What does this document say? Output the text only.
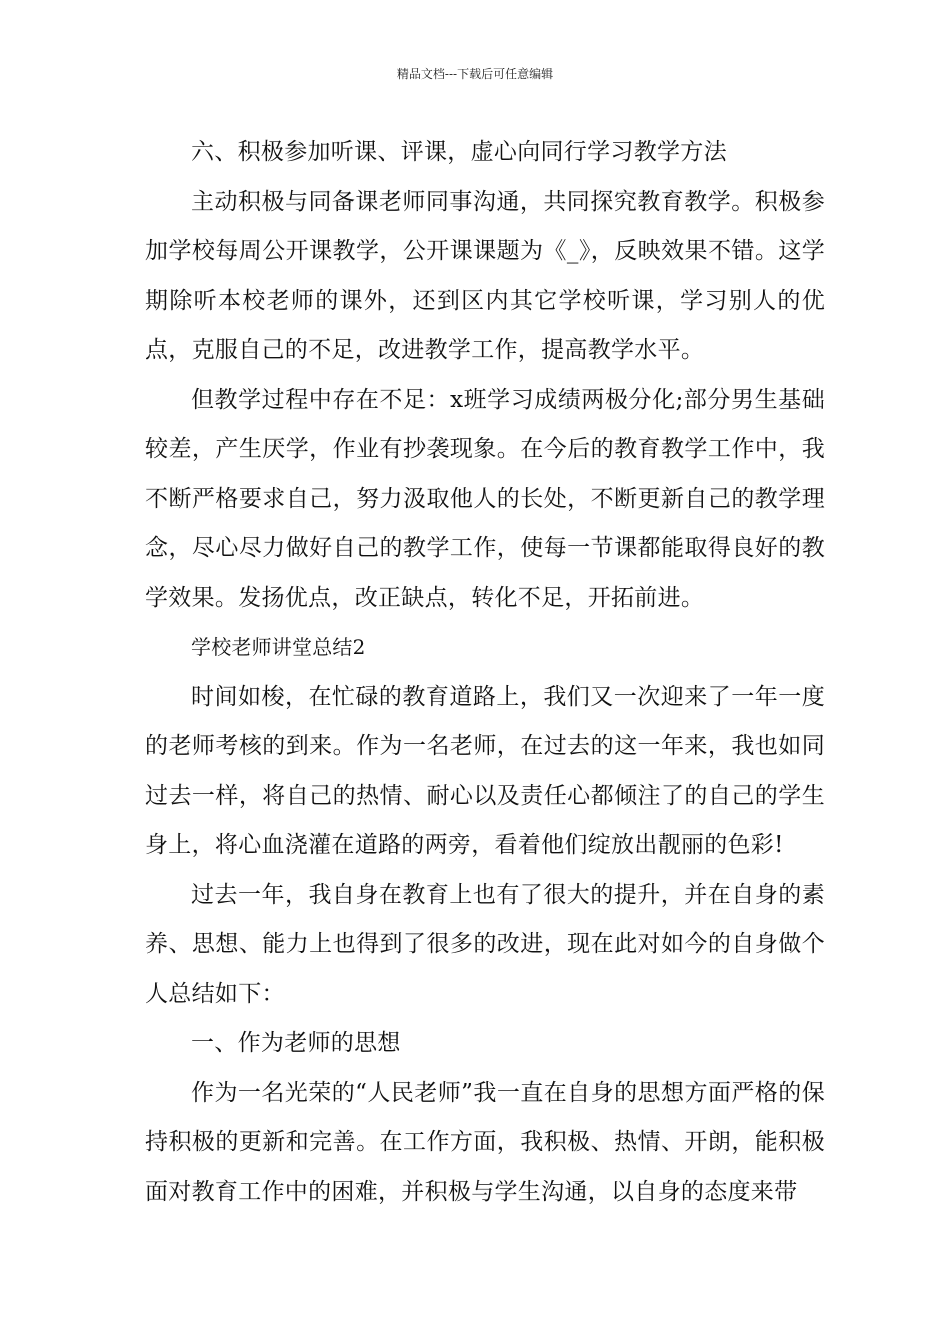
精品文档---下载后可任意编辑

六、积极参加听课、评课，虚心向同行学习教学方法

主动积极与同备课老师同事沟通，共同探究教育教学。积极参加学校每周公开课教学，公开课课题为《_》，反映效果不错。这学期除听本校老师的课外，还到区内其它学校听课，学习别人的优点，克服自己的不足，改进教学工作，提高教学水平。

但教学过程中存在不足：x班学习成绩两极分化;部分男生基础较差，产生厌学，作业有抄袭现象。在今后的教育教学工作中，我不断严格要求自己，努力汲取他人的长处，不断更新自己的教学理念，尽心尽力做好自己的教学工作，使每一节课都能取得良好的教学效果。发扬优点，改正缺点，转化不足，开拓前进。

学校老师讲堂总结2

时间如梭，在忙碌的教育道路上，我们又一次迎来了一年一度的老师考核的到来。作为一名老师，在过去的这一年来，我也如同过去一样，将自己的热情、耐心以及责任心都倾注了的自己的学生身上，将心血浇灌在道路的两旁，看着他们绽放出靓丽的色彩!

过去一年，我自身在教育上也有了很大的提升，并在自身的素养、思想、能力上也得到了很多的改进，现在此对如今的自身做个人总结如下：

一、作为老师的思想

作为一名光荣的“人民老师”我一直在自身的思想方面严格的保持积极的更新和完善。在工作方面，我积极、热情、开朗，能积极面对教育工作中的困难，并积极与学生沟通，以自身的态度来带
